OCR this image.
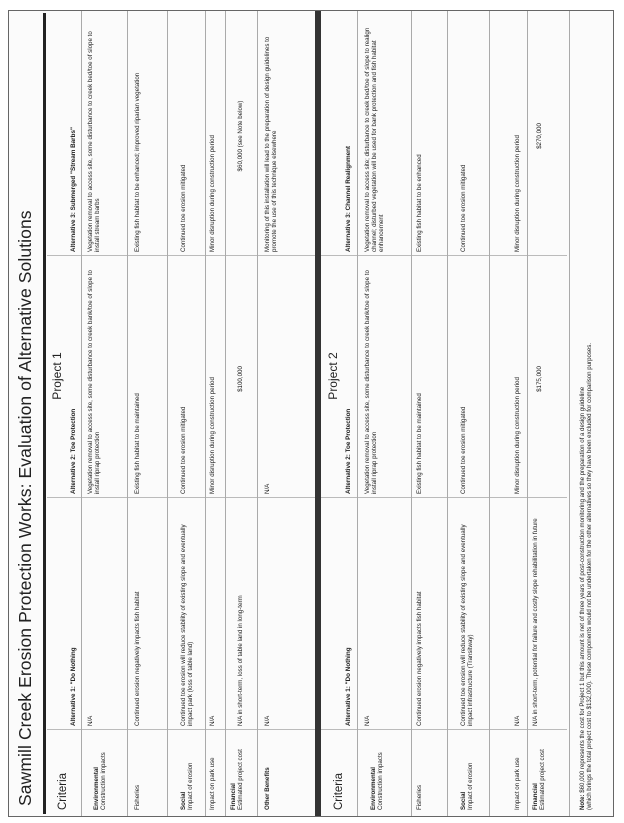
Sawmill Creek Erosion Protection Works: Evaluation of Alternative Solutions Criteria
Project 1
Alternative 1: "Do Nothing
Alternative 2: Toe Protection
Alternative 3: Submerged "Stream Barbs"
Environmental
Construction impacts
N/A
Vegetation removal to access site, some disturbance to creek bank/toe of slope to install riprap protection
Vegetation removal to access site, some disturbance to creek bed/toe of slope to install stream barbs
Fisheries
Continued erosion negatively impacts fish habitat
Existing fish habitat to be maintained
Existing fish habitat to be enhanced; improved riparian vegetation
Social
Impact of erosion
Continued toe erosion will reduce stability of existing slope and eventually impact park (loss of table land)
Continued toe erosion mitigated
Continued toe erosion mitigated
Impact on park use
N/A
Minor disruption during construction period
Minor disruption during construction period
Financial
Estimated project cost
N/A in short-term, loss of table land in long-term
$100,000
$60,000 (see Note below)
Other Benefits
N/A
N/A
Monitoring of this installation will lead to the preparation of design guidelines to promote the use of this technique elsewhere
Criteria
Project 2
Alternative 1: "Do Nothing
Alternative 2: Toe Protection
Alternative 3: Channel Realignment
Environmental
Construction impacts
N/A
Vegetation removal to access site, some disturbance to creek bank/toe of slope to install riprap protection
Vegetation removal to access site; disturbance to creek bed/toe of slope to realign channel; disturbed vegetation will be used for bank protection and fish habitat enhancement
Fisheries
Continued erosion negatively impacts fish habitat
Existing fish habitat to be maintained
Existing fish habitat to be enhanced
Social
Impact of erosion
Continued toe erosion will reduce stability of existing slope and eventually impact infrastructure (Transitway)
Continued toe erosion mitigated
Continued toe erosion mitigated
Impact on park use
N/A
Minor disruption during construction period
Minor disruption during construction period
Financial
Estimated project cost
N/A in short-term, potential for failure and costly slope rehabilitation in future
$175,000
$270,000
Note: $60,000 represents the cost for Project 1 but this amount is net of three years of post-construction monitoring and the preparation of a design guideline
(which brings the total project cost to $132,000). These components would not be undertaken for the other alternatives so they have been excluded for comparison purposes.
